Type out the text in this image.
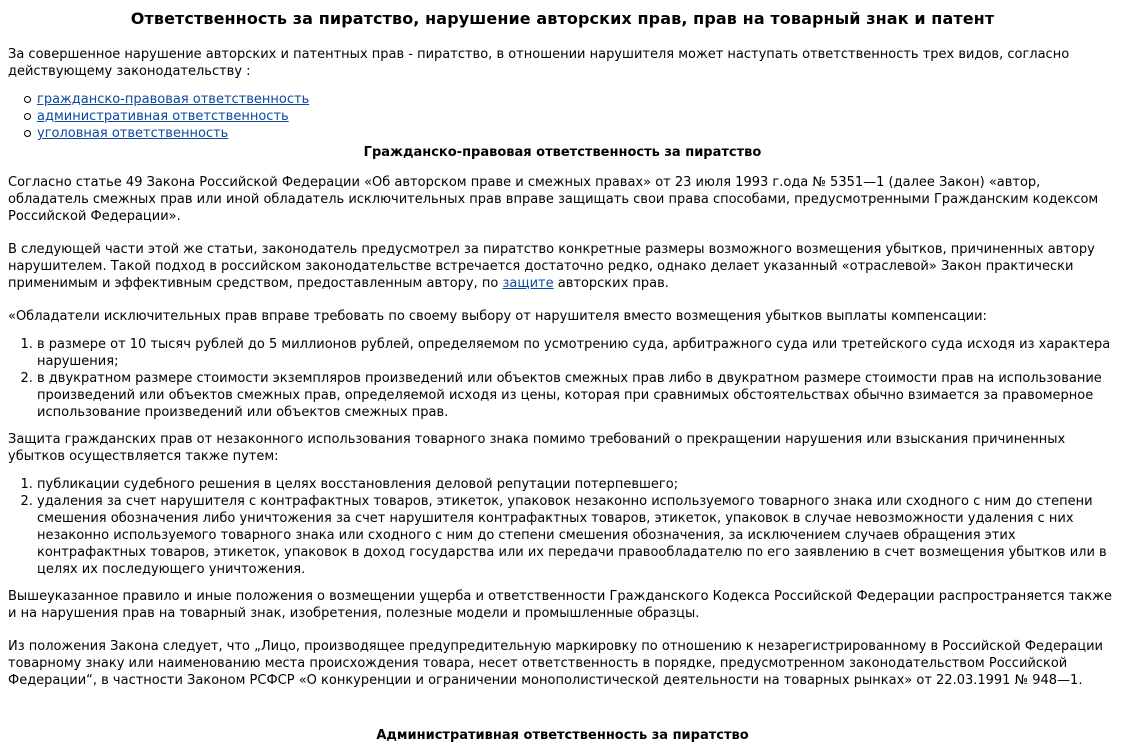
Ответственность за пиратство, нарушение авторских прав, прав на товарный знак и патент

За совершенное нарушение авторских и патентных прав - пиратство, в отношении нарушителя может наступать ответственность трех видов, согласно действующему законодательству :

гражданско-правовая ответственность
административная ответственность
уголовная ответственность
Гражданско-правовая ответственность за пиратство

Согласно статье 49 Закона Российской Федерации «Об авторском праве и смежных правах» от 23 июля 1993 г.ода № 5351—1 (далее Закон) «автор, обладатель смежных прав или иной обладатель исключительных прав вправе защищать свои права способами, предусмотренными Гражданским кодексом Российской Федерации».

В следующей части этой же статьи, законодатель предусмотрел за пиратство конкретные размеры возможного возмещения убытков, причиненных автору нарушителем. Такой подход в российском законодательстве встречается достаточно редко, однако делает указанный «отраслевой» Закон практически применимым и эффективным средством, предоставленным автору, по защите авторских прав.

«Обладатели исключительных прав вправе требовать по своему выбору от нарушителя вместо возмещения убытков выплаты компенсации:

1. в размере от 10 тысяч рублей до 5 миллионов рублей, определяемом по усмотрению суда, арбитражного суда или третейского суда исходя из характера нарушения;
2. в двукратном размере стоимости экземпляров произведений или объектов смежных прав либо в двукратном размере стоимости прав на использование произведений или объектов смежных прав, определяемой исходя из цены, которая при сравнимых обстоятельствах обычно взимается за правомерное использование произведений или объектов смежных прав.

Защита гражданских прав от незаконного использования товарного знака помимо требований о прекращении нарушения или взыскания причиненных убытков осуществляется также путем:

1. публикации судебного решения в целях восстановления деловой репутации потерпевшего;
2. удаления за счет нарушителя с контрафактных товаров, этикеток, упаковок незаконно используемого товарного знака или сходного с ним до степени смешения обозначения либо уничтожения за счет нарушителя контрафактных товаров, этикеток, упаковок в случае невозможности удаления с них незаконно используемого товарного знака или сходного с ним до степени смешения обозначения, за исключением случаев обращения этих контрафактных товаров, этикеток, упаковок в доход государства или их передачи правообладателю по его заявлению в счет возмещения убытков или в целях их последующего уничтожения.

Вышеуказанное правило и иные положения о возмещении ущерба и ответственности Гражданского Кодекса Российской Федерации распространяется также и на нарушения прав на товарный знак, изобретения, полезные модели и промышленные образцы.

Из положения Закона следует, что „Лицо, производящее предупредительную маркировку по отношению к незарегистрированному в Российской Федерации товарному знаку или наименованию места происхождения товара, несет ответственность в порядке, предусмотренном законодательством Российской Федерации“, в частности Законом РСФСР «О конкуренции и ограничении монополистической деятельности на товарных рынках» от 22.03.1991 № 948—1.

Административная ответственность за пиратство
